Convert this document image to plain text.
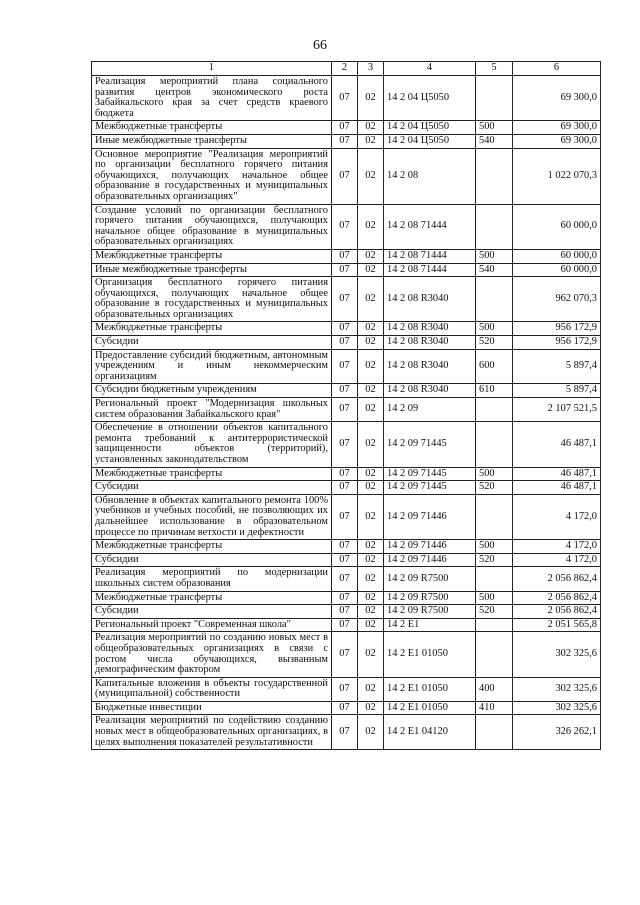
66
1	2	3	4	5	6
Реализация мероприятий плана социального развития центров экономического роста Забайкальского края за счет средств краевого бюджета	07	02	14 2 04 Ц5050		69 300,0
Межбюджетные трансферты	07	02	14 2 04 Ц5050	500	69 300,0
Иные межбюджетные трансферты	07	02	14 2 04 Ц5050	540	69 300,0
Основное мероприятие "Реализация мероприятий по организации бесплатного горячего питания обучающихся, получающих начальное общее образование в государственных и муниципальных образовательных организациях"	07	02	14 2 08		1 022 070,3
Создание условий по организации бесплатного горячего питания обучающихся, получающих начальное общее образование в муниципальных образовательных организациях	07	02	14 2 08 71444		60 000,0
Межбюджетные трансферты	07	02	14 2 08 71444	500	60 000,0
Иные межбюджетные трансферты	07	02	14 2 08 71444	540	60 000,0
Организация бесплатного горячего питания обучающихся, получающих начальное общее образование в государственных и муниципальных образовательных организациях	07	02	14 2 08 R3040		962 070,3
Межбюджетные трансферты	07	02	14 2 08 R3040	500	956 172,9
Субсидии	07	02	14 2 08 R3040	520	956 172,9
Предоставление субсидий бюджетным, автономным учреждениям и иным некоммерческим организациям	07	02	14 2 08 R3040	600	5 897,4
Субсидии бюджетным учреждениям	07	02	14 2 08 R3040	610	5 897,4
Региональный проект "Модернизация школьных систем образования Забайкальского края"	07	02	14 2 09		2 107 521,5
Обеспечение в отношении объектов капитального ремонта требований к антитеррористической защищенности объектов (территорий), установленных законодательством	07	02	14 2 09 71445		46 487,1
Межбюджетные трансферты	07	02	14 2 09 71445	500	46 487,1
Субсидии	07	02	14 2 09 71445	520	46 487,1
Обновление в объектах капитального ремонта 100% учебников и учебных пособий, не позволяющих их дальнейшее использование в образовательном процессе по причинам ветхости и дефектности	07	02	14 2 09 71446		4 172,0
Межбюджетные трансферты	07	02	14 2 09 71446	500	4 172,0
Субсидии	07	02	14 2 09 71446	520	4 172,0
Реализация мероприятий по модернизации школьных систем образования	07	02	14 2 09 R7500		2 056 862,4
Межбюджетные трансферты	07	02	14 2 09 R7500	500	2 056 862,4
Субсидии	07	02	14 2 09 R7500	520	2 056 862,4
Региональный проект "Современная школа"	07	02	14 2 E1		2 051 565,8
Реализация мероприятий по созданию новых мест в общеобразовательных организациях в связи с ростом числа обучающихся, вызванным демографическим фактором	07	02	14 2 E1 01050		302 325,6
Капитальные вложения в объекты государственной (муниципальной) собственности	07	02	14 2 E1 01050	400	302 325,6
Бюджетные инвестиции	07	02	14 2 E1 01050	410	302 325,6
Реализация мероприятий по содействию созданию новых мест в общеобразовательных организациях, в целях выполнения показателей результативности	07	02	14 2 E1 04120		326 262,1
